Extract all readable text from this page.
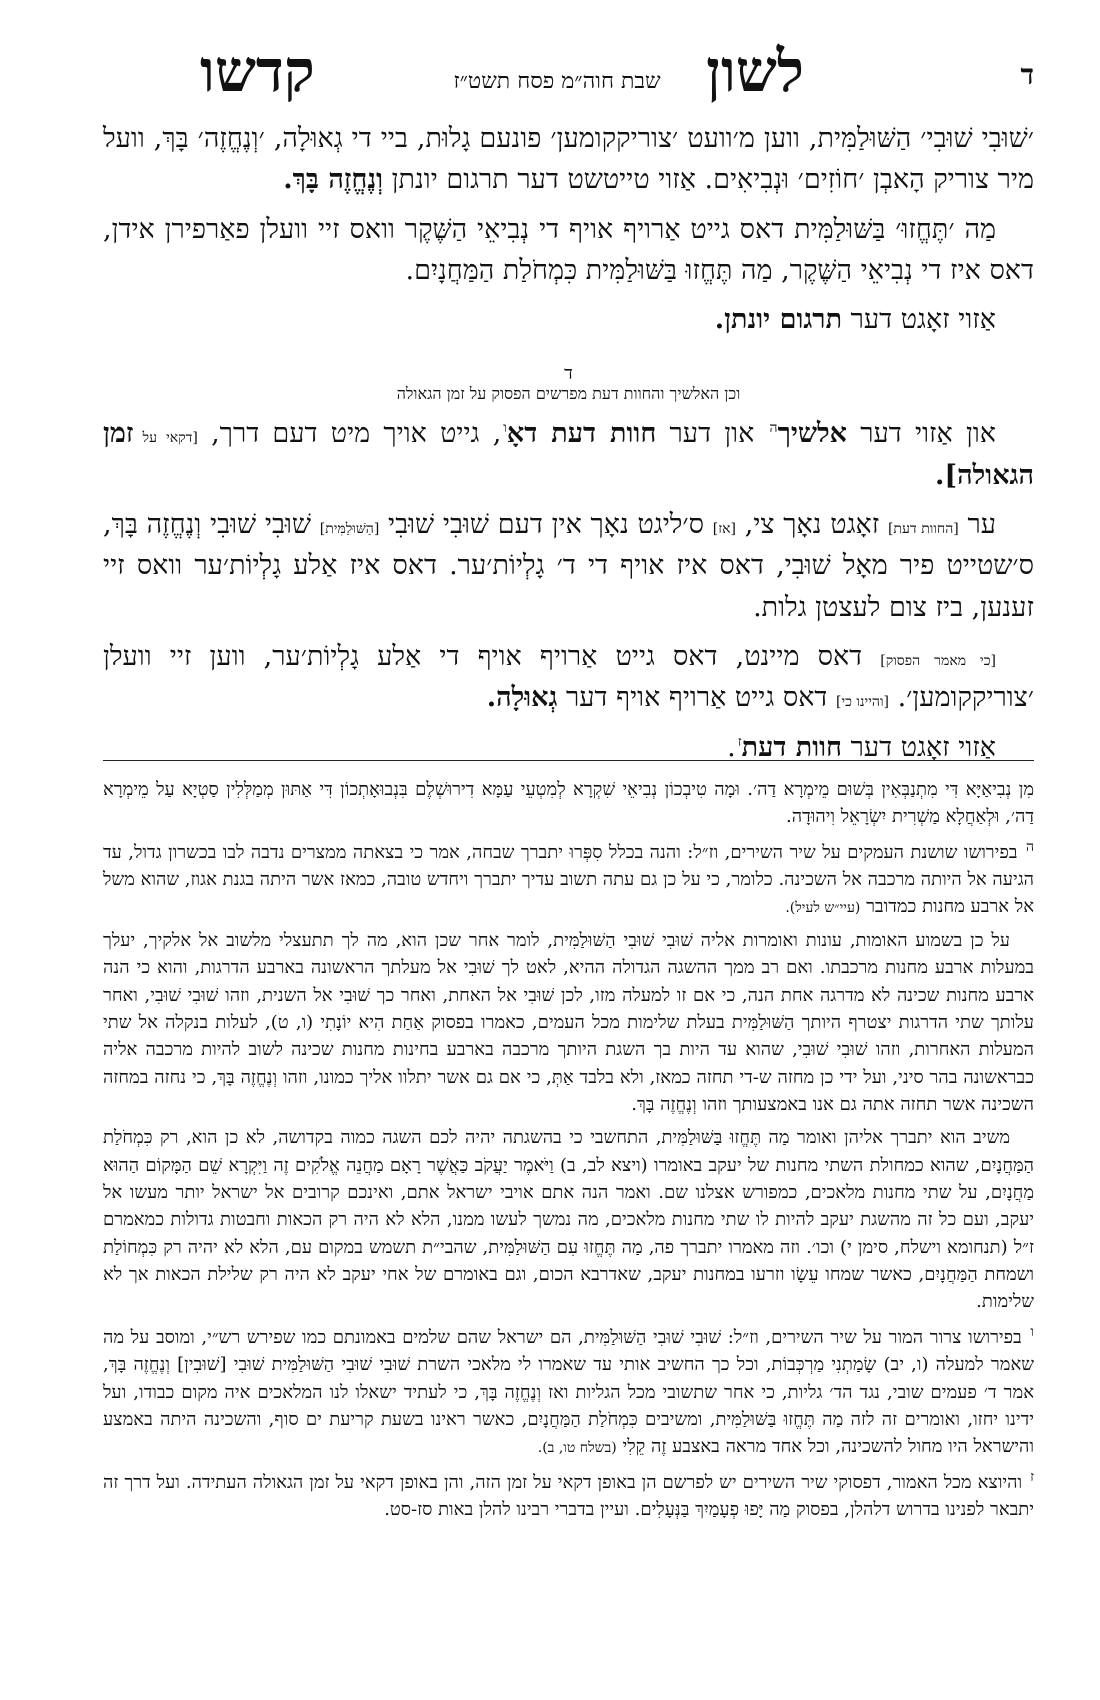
ד
לשון
שבת חוה״מ פסח תשט״ז
קדשו

׳שׁוּבִי שׁוּבִי׳ הַשּׁוּלַמִּית, ווען מ׳וועט ׳צוריקקומען׳ פונעם גָלוּת, ביי די גְאוּלָה, ׳וְנֶחֱזֶה׳ בָּךְ, וועל מיר צוריק הָאבְן ׳חוֹזִים׳ וּנְבִיאִים. אַזוי טייטשט דער תרגום יונתן וְנֶחֱזֶה בָּךְ.

מַה ׳תֶּחֱזוּ׳ בַּשּׁוּלַמִּית דאס גייט אַרויף אויף די נְבִיאֵי הַשֶּׁקֶר וואס זיי וועלן פאַרפירן אידן, דאס איז די נְבִיאֵי הַשֶּׁקֶר, מַה תֶּחֱזוּ בַּשּׁוּלַמִּית כִּמְחֹלַת הַמַּחֲנָיִם.

אַזוי זאָגט דער תרגום יונתן.

ד
וכן האלשיך והחוות דעת מפרשים הפסוק על זמן הגאולה

און אַזוי דער אלשיך$^ה$ און דער חוות דעת דאָ$^ו$, גייט אויך מיט דעם דרך, [דקאי על זמן הגאולה].

ער [החוות דעת] זאָגט נאָך צי, [אז] ס׳ליגט נאָך אין דעם שׁוּבִי שׁוּבִי [הַשּׁוּלַמִּית] שׁוּבִי שׁוּבִי וְנֶחֱזֶה בָּךְ, ס׳שטייט פיר מאָל שׁוּבִי, דאס איז אויף די ד׳ גָלְיוֹת׳ער. דאס איז אַלע גָלְיוֹת׳ער וואס זיי זענען, ביז צום לעצטן גלות.

[כי מאמר הפסוק] דאס מיינט, דאס גייט אַרויף אויף די אַלע גָלְיוֹת׳ער, ווען זיי וועלן ׳צוריקקומען׳. [והיינו כי] דאס גייט אַרויף אויף דער גְאוּלָה.

אַזוי זאָגט דער חוות דעת$^ז$.

מִן נְבִיאַיָּא דִּי מִתְנַבְּאִין בְּשׁוּם מֵימְרָא דַה׳. וּמָה טִיבְכוֹן נְבִיאֵי שִׁקְרָא לְמִטְעֵי עַמָּא דִירוּשְׁלֶם בִּנְבוּאָתְכוֹן דִּי אַתּוּן מְמַלְּלִין סַטְיָא עַל מֵימְרָא דַה׳, וּלְאַחֲלָא מַשְׁרִית יִשְׂרָאֵל וִיהוּדָה.

$^ה$ בפירושו שושנת העמקים על שיר השירים, וז״ל: והנה בכלל סִפְּרוּ יתברך שבחה, אמר כי בצאתה ממצרים נדבה לבו בכשרון גדול, עד הגיעה אל היותה מרכבה אל השכינה. כלומר, כי על כן גם עתה תשוב עדיך יתברך ויחדש טובה, כמאז אשר היתה בגנת אגוז, שהוא משל אל ארבע מחנות כמדובר (עיי״ש לעיל).

על כן בשמוע האומות, עונות ואומרות אליה שׁוּבִי שׁוּבִי הַשּׁוּלַמִּית, לומר אחר שכן הוא, מה לך תתעצלי מלשוב אל אלקיך, יעלך במעלות ארבע מחנות מרכבתו. ואם רב ממך ההשגה הגדולה ההיא, לאט לך שׁוּבִי אל מעלתך הראשונה בארבע הדרגות, והוא כי הנה ארבע מחנות שכינה לא מדרגה אחת הנה, כי אם זו למעלה מזו, לכן שׁוּבִי אל האחת, ואחר כך שׁוּבִי אל השנית, וזהו שׁוּבִי שׁוּבִי, ואחר עלותך שתי הדרגות יצטרף היותך הַשּׁוּלַמִּית בעלת שלימות מכל העמים, כאמרו בפסוק אַחַת הִיא יוֹנָתִי (ו, ט), לעלות בנקלה אל שתי המעלות האחרות, וזהו שׁוּבִי שׁוּבִי, שהוא עד היות בך השגת היותך מרכבה בארבע בחינות מחנות שכינה לשוב להיות מרכבה אליה כבראשונה בהר סיני, ועל ידי כן מחזה ש-די תחזה כמאז, ולא בלבד אַתְּ, כי אם גם אשר יתלוו אליך כמונו, וזהו וְנֶחֱזֶה בָּךְ, כי נחזה במחזה השכינה אשר תחזה אתה גם אנו באמצעותך וזהו וְנֶחֱזֶה בָּךְ.

משיב הוא יתברך אליהן ואומר מַה תֶּחֱזוּ בַּשּׁוּלַמִּית, התחשבי כי בהשגתה יהיה לכם השגה כמוה בקדושה, לא כן הוא, רק כִּמְחֹלַת הַמַּחֲנָיִם, שהוא כמחולת השתי מחנות של יעקב באומרו (ויצא לב, ב) וַיֹּאמֶר יַעֲקֹב כַּאֲשֶׁר רָאָם מַחֲנֵה אֱלֹקִים זֶה וַיִּקְרָא שֵׁם הַמָּקוֹם הַהוּא מַחֲנָיִם, על שתי מחנות מלאכים, כמפורש אצלנו שם. ואמר הנה אתם אויבי ישראל אתם, ואינכם קרובים אל ישראל יותר מעשו אל יעקב, ועם כל זה מהשגת יעקב להיות לו שתי מחנות מלאכים, מה נמשך לעשו ממנו, הלא לא היה רק הכאות וחבטות גדולות כמאמרם ז״ל (תנחומא וישלח, סימן י) וכו׳. וזה מאמרו יתברך פה, מַה תֶּחֱזוּ עִם הַשּׁוּלַמִּית, שהבי״ת תשמש במקום עם, הלא לא יהיה רק כִּמְחוֹלַת ושמחת הַמַּחֲנָיִם, כאשר שמחו עֵשָׂו וזרעו במחנות יעקב, שאדרבא הכום, וגם באומרם של אחי יעקב לא היה רק שלילת הכאות אך לא שלימות.

$^ו$ בפירושו צרור המור על שיר השירים, וז״ל: שׁוּבִי שׁוּבִי הַשּׁוּלַמִּית, הם ישראל שהם שלמים באמונתם כמו שפירש רש״י, ומוסב על מה שאמר למעלה (ו, יב) שָׂמַתְנִי מַרְכְּבוֹת, וכל כך החשיב אותי עד שאמרו לי מלאכי השרת שׁוּבִי שׁוּבִי הַשּׁוּלַמִּית שׁוּבִי [שׁוּבִין] וְנֶחֱזֶה בָּךְ, אמר ד׳ פעמים שובי, נגד הד׳ גליות, כי אחר שתשובי מכל הגליות ואז וְנֶחֱזֶה בָּךְ, כי לעתיד ישאלו לנו המלאכים איה מקום כבודו, ועל ידינו יחזו, ואומרים זה לזה מַה תֶּחֱזוּ בַּשּׁוּלַמִּית, ומשיבים כִּמְחֹלַת הַמַּחֲנָיִם, כאשר ראינו בשעת קריעת ים סוף, והשכינה היתה באמצע והישראל היו מחול להשכינה, וכל אחד מראה באצבע זֶה קֵלִי (בשלח טו, ב).

$^ז$ והיוצא מכל האמור, דפסוקי שיר השירים יש לפרשם הן באופן דקאי על זמן הזה, והן באופן דקאי על זמן הגאולה העתידה. ועל דרך זה יתבאר לפנינו בדרוש דלהלן, בפסוק מַה יָּפוּ פְעָמַיִךְ בַּנְּעָלִים. ועיין בדברי רבינו להלן באות סז-סט.
